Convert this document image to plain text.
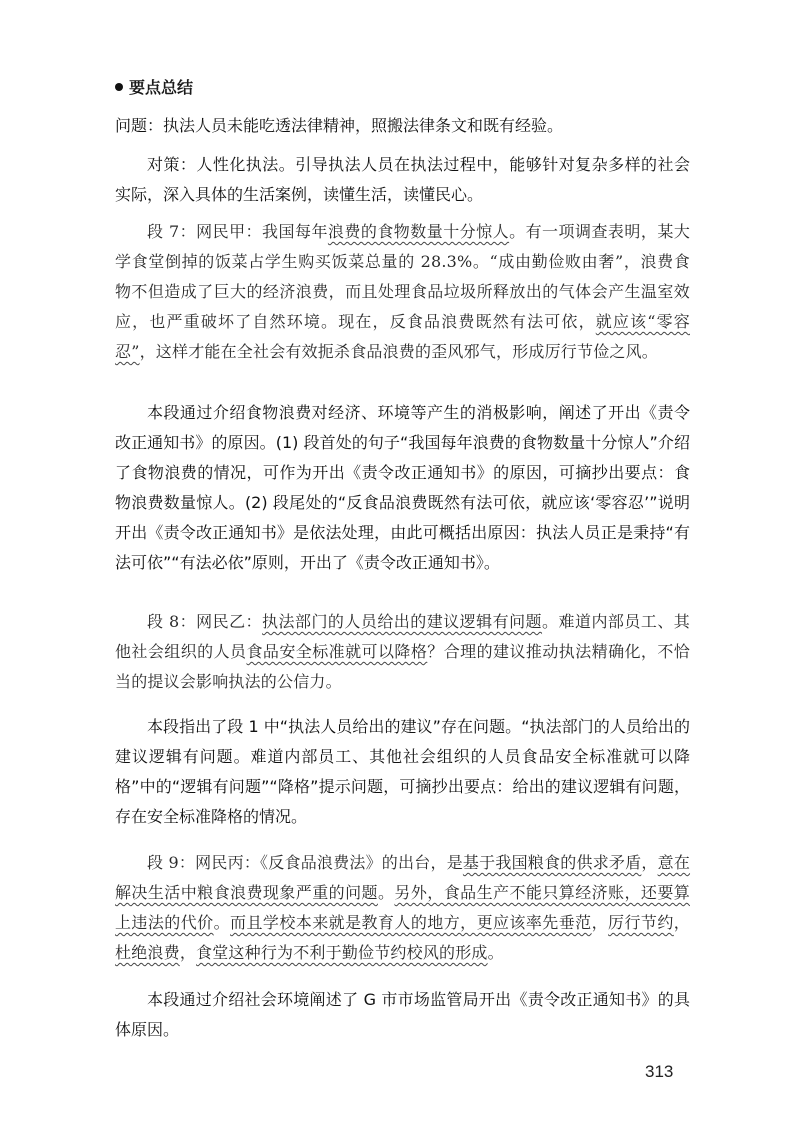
要点总结
问题：执法人员未能吃透法律精神，照搬法律条文和既有经验。
对策：人性化执法。引导执法人员在执法过程中，能够针对复杂多样的社会实际，深入具体的生活案例，读懂生活，读懂民心。
段 7：网民甲：我国每年浪费的食物数量十分惊人。有一项调查表明，某大学食堂倒掉的饭菜占学生购买饭菜总量的 28.3%。“成由勤俭败由奢”，浪费食物不但造成了巨大的经济浪费，而且处理食品垃圾所释放出的气体会产生温室效应，也严重破坏了自然环境。现在，反食品浪费既然有法可依，就应该“零容忍”，这样才能在全社会有效扼杀食品浪费的歪风邪气，形成厉行节俭之风。
本段通过介绍食物浪费对经济、环境等产生的消极影响，阐述了开出《责令改正通知书》的原因。(1) 段首处的句子“我国每年浪费的食物数量十分惊人”介绍了食物浪费的情况，可作为开出《责令改正通知书》的原因，可摘抄出要点：食物浪费数量惊人。(2) 段尾处的“反食品浪费既然有法可依，就应该‘零容忍’”说明开出《责令改正通知书》是依法处理，由此可概括出原因：执法人员正是秉持“有法可依”“有法必依”原则，开出了《责令改正通知书》。
段 8：网民乙：执法部门的人员给出的建议逻辑有问题。难道内部员工、其他社会组织的人员食品安全标准就可以降格？合理的建议推动执法精确化，不恰当的提议会影响执法的公信力。
本段指出了段 1 中“执法人员给出的建议”存在问题。“执法部门的人员给出的建议逻辑有问题。难道内部员工、其他社会组织的人员食品安全标准就可以降格”中的“逻辑有问题”“降格”提示问题，可摘抄出要点：给出的建议逻辑有问题，存在安全标准降格的情况。
段 9：网民丙：《反食品浪费法》的出台，是基于我国粮食的供求矛盾，意在解决生活中粮食浪费现象严重的问题。另外，食品生产不能只算经济账，还要算上违法的代价。而且学校本来就是教育人的地方，更应该率先垂范，厉行节约，杜绝浪费，食堂这种行为不利于勤俭节约校风的形成。
本段通过介绍社会环境阐述了 G 市市场监管局开出《责令改正通知书》的具体原因。
313
